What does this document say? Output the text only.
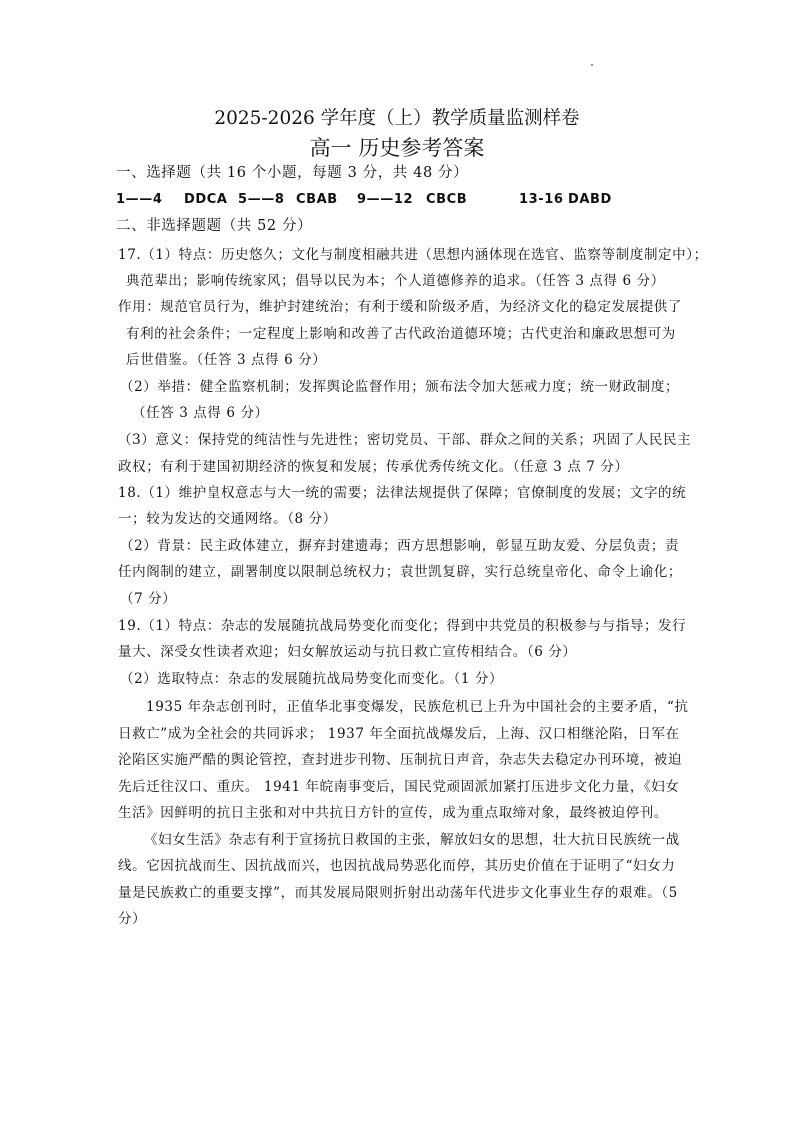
2025-2026 学年度（上）教学质量监测样卷
高一 历史参考答案
一、选择题（共 16 个小题，每题 3 分，共 48 分）
1——4 DDCA 5——8 CBAB 9——12 CBCB	13-16 DABD
二、非选择题题（共 52 分）
17.（1）特点：历史悠久；文化与制度相融共进（思想内涵体现在选官、监察等制度制定中）；
典范辈出；影响传统家风；倡导以民为本；个人道德修养的追求。（任答 3 点得 6 分）
作用：规范官员行为，维护封建统治；有利于缓和阶级矛盾，为经济文化的稳定发展提供了
有利的社会条件；一定程度上影响和改善了古代政治道德环境；古代吏治和廉政思想可为
后世借鉴。（任答 3 点得 6 分）
（2）举措：健全监察机制；发挥舆论监督作用；颁布法令加大惩戒力度；统一财政制度；
（任答 3 点得 6 分）
（3）意义：保持党的纯洁性与先进性；密切党员、干部、群众之间的关系；巩固了人民民主
政权；有利于建国初期经济的恢复和发展；传承优秀传统文化。（任意 3 点 7 分）
18.（1）维护皇权意志与大一统的需要；法律法规提供了保障；官僚制度的发展；文字的统
一；较为发达的交通网络。（8 分）
（2）背景：民主政体建立，摒弃封建遗毒；西方思想影响，彰显互助友爱、分层负责；责
任内阁制的建立，副署制度以限制总统权力；袁世凯复辟，实行总统皇帝化、命令上谕化；
（7 分）
19.（1）特点：杂志的发展随抗战局势变化而变化；得到中共党员的积极参与与指导；发行
量大、深受女性读者欢迎；妇女解放运动与抗日救亡宣传相结合。（6 分）
（2）选取特点：杂志的发展随抗战局势变化而变化。（1 分）
1935 年杂志创刊时，正值华北事变爆发，民族危机已上升为中国社会的主要矛盾，“抗
日救亡”成为全社会的共同诉求； 1937 年全面抗战爆发后，上海、汉口相继沦陷，日军在
沦陷区实施严酷的舆论管控，查封进步刊物、压制抗日声音，杂志失去稳定办刊环境，被迫
先后迁往汉口、重庆。 1941 年皖南事变后，国民党顽固派加紧打压进步文化力量，《妇女
生活》因鲜明的抗日主张和对中共抗日方针的宣传，成为重点取缔对象，最终被迫停刊。
《妇女生活》杂志有利于宣扬抗日救国的主张，解放妇女的思想，壮大抗日民族统一战
线。它因抗战而生、因抗战而兴，也因抗战局势恶化而停，其历史价值在于证明了“妇女力
量是民族救亡的重要支撑”，而其发展局限则折射出动荡年代进步文化事业生存的艰难。（5
分）
